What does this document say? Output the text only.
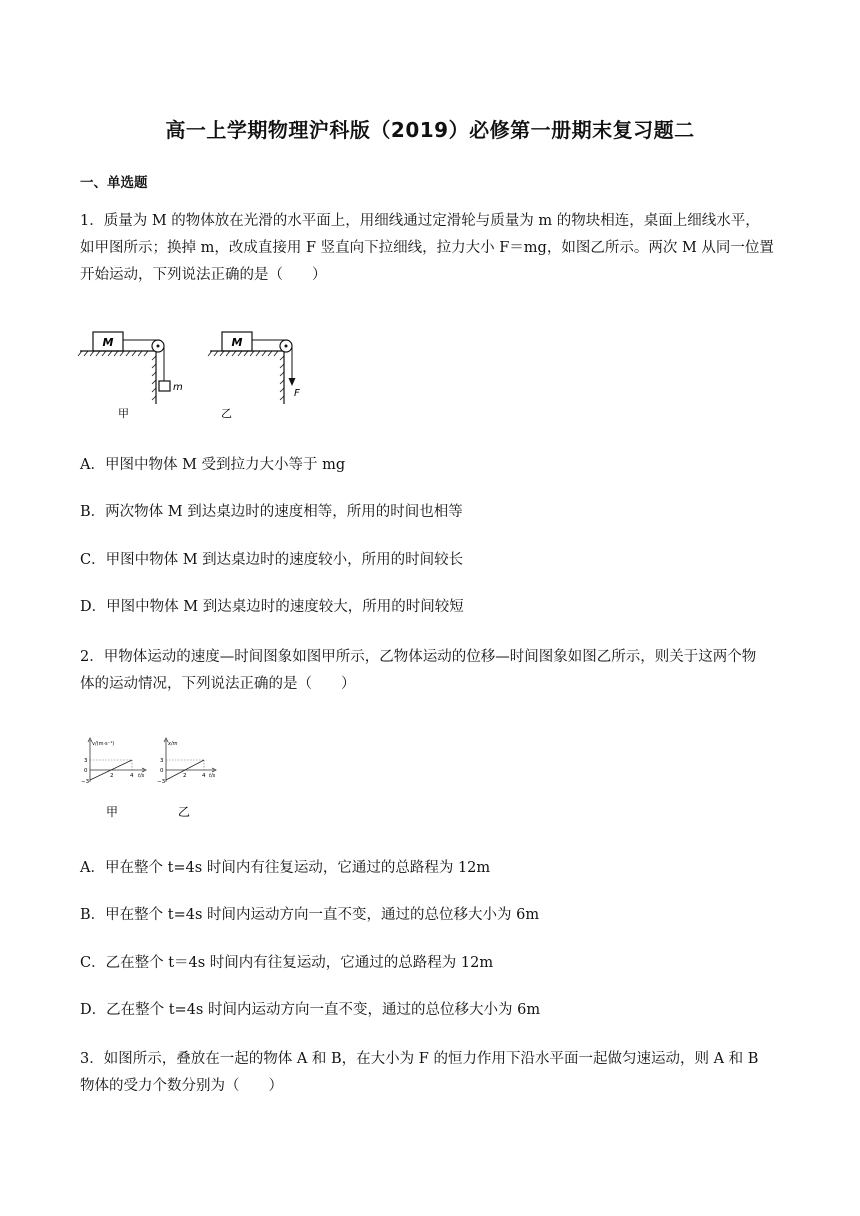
高一上学期物理沪科版（2019）必修第一册期末复习题二
一、单选题
1．质量为 M 的物体放在光滑的水平面上，用细线通过定滑轮与质量为 m 的物块相连，桌面上细线水平，
如甲图所示；换掉 m，改成直接用 F 竖直向下拉细线，拉力大小 F＝mg，如图乙所示。两次 M 从同一位置
开始运动，下列说法正确的是（　　）
M
m
甲
M
F
乙
A．甲图中物体 M 受到拉力大小等于 mg
B．两次物体 M 到达桌边时的速度相等，所用的时间也相等
C．甲图中物体 M 到达桌边时的速度较小，所用的时间较长
D．甲图中物体 M 到达桌边时的速度较大，所用的时间较短
2．甲物体运动的速度—时间图象如图甲所示，乙物体运动的位移—时间图象如图乙所示，则关于这两个物
体的运动情况，下列说法正确的是（　　）
v/(m·s⁻¹)
3
0
−3
2	4 t/s
甲
x/m
3
0
−3
2	4 t/s
乙
A．甲在整个 t=4s 时间内有往复运动，它通过的总路程为 12m
B．甲在整个 t=4s 时间内运动方向一直不变，通过的总位移大小为 6m
C．乙在整个 t＝4s 时间内有往复运动，它通过的总路程为 12m
D．乙在整个 t=4s 时间内运动方向一直不变，通过的总位移大小为 6m
3．如图所示，叠放在一起的物体 A 和 B，在大小为 F 的恒力作用下沿水平面一起做匀速运动，则 A 和 B
物体的受力个数分别为（　　）
